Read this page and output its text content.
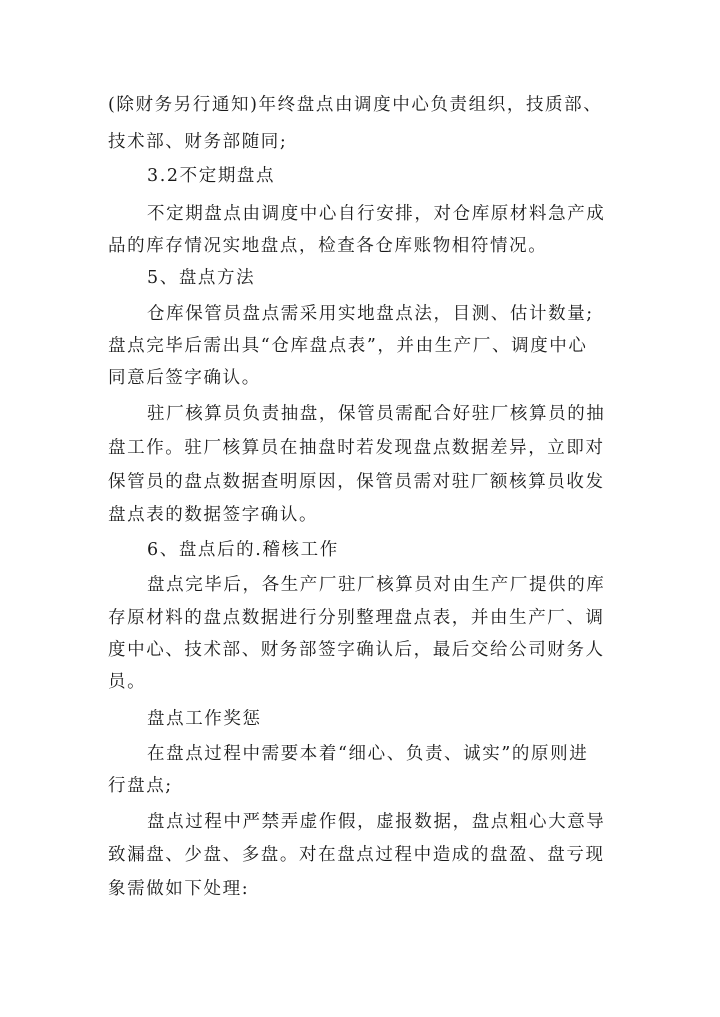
(除财务另行通知)年终盘点由调度中心负责组织，技质部、
技术部、财务部随同;
3.2不定期盘点
不定期盘点由调度中心自行安排，对仓库原材料急产成
品的库存情况实地盘点，检查各仓库账物相符情况。
5、盘点方法
仓库保管员盘点需采用实地盘点法，目测、估计数量;
盘点完毕后需出具“仓库盘点表”，并由生产厂、调度中心
同意后签字确认。
驻厂核算员负责抽盘，保管员需配合好驻厂核算员的抽
盘工作。驻厂核算员在抽盘时若发现盘点数据差异，立即对
保管员的盘点数据查明原因，保管员需对驻厂额核算员收发
盘点表的数据签字确认。
6、盘点后的.稽核工作
盘点完毕后，各生产厂驻厂核算员对由生产厂提供的库
存原材料的盘点数据进行分别整理盘点表，并由生产厂、调
度中心、技术部、财务部签字确认后，最后交给公司财务人
员。
盘点工作奖惩
在盘点过程中需要本着“细心、负责、诚实”的原则进
行盘点;
盘点过程中严禁弄虚作假，虚报数据，盘点粗心大意导
致漏盘、少盘、多盘。对在盘点过程中造成的盘盈、盘亏现
象需做如下处理:
